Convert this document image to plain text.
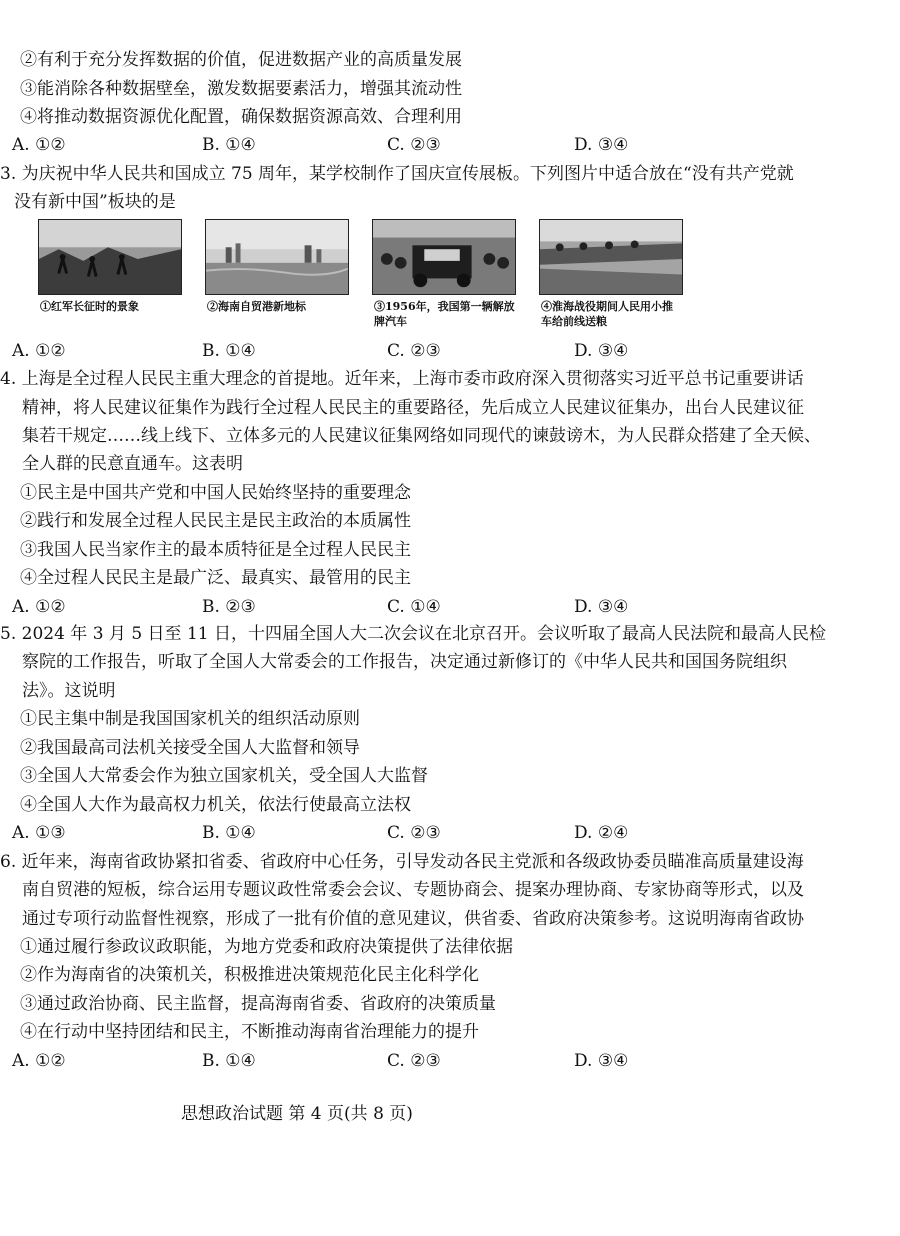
②有利于充分发挥数据的价值，促进数据产业的高质量发展
③能消除各种数据壁垒，激发数据要素活力，增强其流动性
④将推动数据资源优化配置，确保数据资源高效、合理利用
A. ①②	B. ①④	C. ②③	D. ③④
3. 为庆祝中华人民共和国成立 75 周年，某学校制作了国庆宣传展板。下列图片中适合放在“没有共产党就
没有新中国”板块的是
①红军长征时的景象	②海南自贸港新地标	③1956年，我国第一辆解放牌汽车
④淮海战役期间人民用小推车给前线送粮
A. ①②	B. ①④	C. ②③	D. ③④
4. 上海是全过程人民民主重大理念的首提地。近年来，上海市委市政府深入贯彻落实习近平总书记重要讲话
精神，将人民建议征集作为践行全过程人民民主的重要路径，先后成立人民建议征集办，出台人民建议征
集若干规定……线上线下、立体多元的人民建议征集网络如同现代的谏鼓谤木，为人民群众搭建了全天候、
全人群的民意直通车。这表明
①民主是中国共产党和中国人民始终坚持的重要理念
②践行和发展全过程人民民主是民主政治的本质属性
③我国人民当家作主的最本质特征是全过程人民民主
④全过程人民民主是最广泛、最真实、最管用的民主
A. ①②	B. ②③	C. ①④	D. ③④
5. 2024 年 3 月 5 日至 11 日，十四届全国人大二次会议在北京召开。会议听取了最高人民法院和最高人民检
察院的工作报告，听取了全国人大常委会的工作报告，决定通过新修订的《中华人民共和国国务院组织
法》。这说明
①民主集中制是我国国家机关的组织活动原则
②我国最高司法机关接受全国人大监督和领导
③全国人大常委会作为独立国家机关，受全国人大监督
④全国人大作为最高权力机关，依法行使最高立法权
A. ①③	B. ①④	C. ②③	D. ②④
6. 近年来，海南省政协紧扣省委、省政府中心任务，引导发动各民主党派和各级政协委员瞄准高质量建设海
南自贸港的短板，综合运用专题议政性常委会会议、专题协商会、提案办理协商、专家协商等形式，以及
通过专项行动监督性视察，形成了一批有价值的意见建议，供省委、省政府决策参考。这说明海南省政协
①通过履行参政议政职能，为地方党委和政府决策提供了法律依据
②作为海南省的决策机关，积极推进决策规范化民主化科学化
③通过政治协商、民主监督，提高海南省委、省政府的决策质量
④在行动中坚持团结和民主，不断推动海南省治理能力的提升
A. ①②	B. ①④	C. ②③	D. ③④
思想政治试题 第 4 页(共 8 页)
